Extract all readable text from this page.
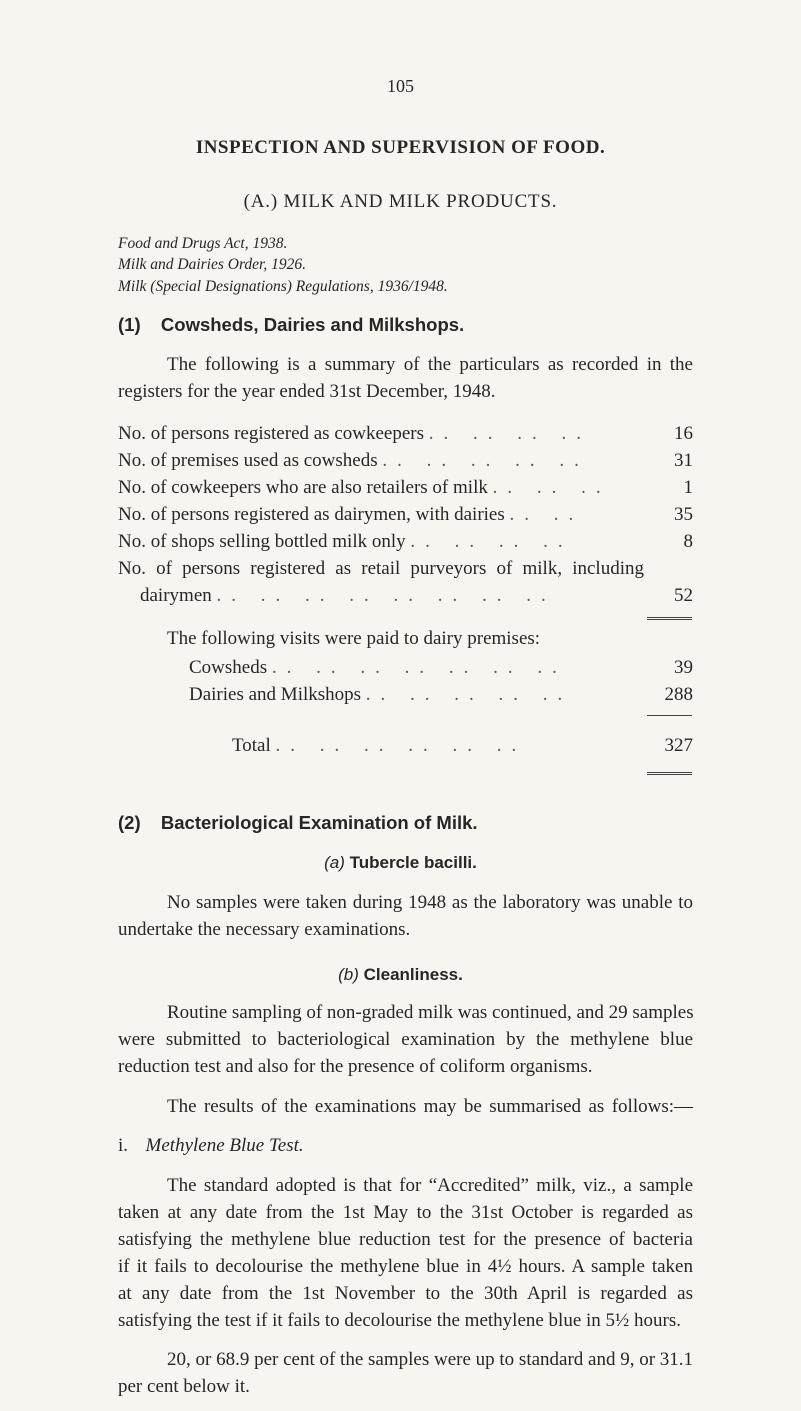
105
INSPECTION AND SUPERVISION OF FOOD.
(A.) MILK AND MILK PRODUCTS.
Food and Drugs Act, 1938.
Milk and Dairies Order, 1926.
Milk (Special Designations) Regulations, 1936/1948.
(1) Cowsheds, Dairies and Milkshops.
The following is a summary of the particulars as recorded in the
registers for the year ended 31st December, 1948.
No. of persons registered as cowkeepers .. .. .. ..	16
No. of premises used as cowsheds .. .. .. .. ..	31
No. of cowkeepers who are also retailers of milk .. .. ..	1
No. of persons registered as dairymen, with dairies .. ..	35
No. of shops selling bottled milk only .. .. .. ..	8
No. of persons registered as retail purveyors of milk, including
dairymen .. .. .. .. .. .. .. ..	52
The following visits were paid to dairy premises:
Cowsheds .. .. .. .. .. .. ..	39
Dairies and Milkshops .. .. .. .. ..	288
Total .. .. .. .. .. ..	327
(2) Bacteriological Examination of Milk.
(a) Tubercle bacilli.
No samples were taken during 1948 as the laboratory was unable to
undertake the necessary examinations.
(b) Cleanliness.
Routine sampling of non-graded milk was continued, and 29 samples
were submitted to bacteriological examination by the methylene blue
reduction test and also for the presence of coliform organisms.
The results of the examinations may be summarised as follows:—
i. Methylene Blue Test.
The standard adopted is that for “Accredited” milk, viz., a sample
taken at any date from the 1st May to the 31st October is regarded as
satisfying the methylene blue reduction test for the presence of bacteria
if it fails to decolourise the methylene blue in 4½ hours. A sample taken
at any date from the 1st November to the 30th April is regarded as
satisfying the test if it fails to decolourise the methylene blue in 5½ hours.
20, or 68.9 per cent of the samples were up to standard and 9, or 31.1
per cent below it.
